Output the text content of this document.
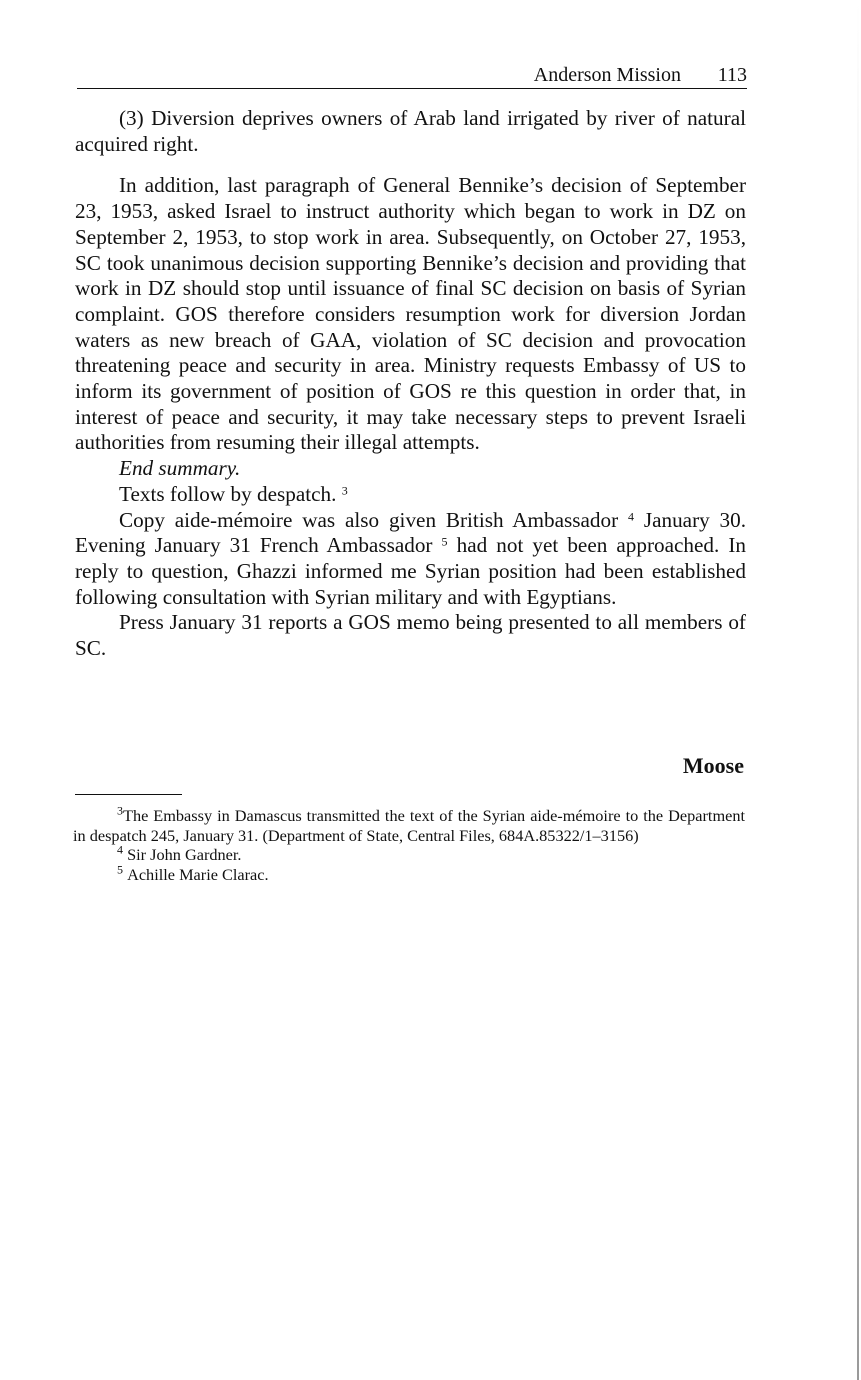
Anderson Mission 113

(3) Diversion deprives owners of Arab land irrigated by river of natural acquired right.

In addition, last paragraph of General Bennike’s decision of September 23, 1953, asked Israel to instruct authority which began to work in DZ on September 2, 1953, to stop work in area. Subsequently, on October 27, 1953, SC took unanimous decision supporting Bennike’s decision and providing that work in DZ should stop until issuance of final SC decision on basis of Syrian complaint. GOS therefore considers resumption work for diversion Jordan waters as new breach of GAA, violation of SC decision and provocation threatening peace and security in area. Ministry requests Embassy of US to inform its government of position of GOS re this question in order that, in interest of peace and security, it may take necessary steps to prevent Israeli authorities from resuming their illegal attempts.

End summary.

Texts follow by despatch. $^3$

Copy aide-mémoire was also given British Ambassador $^4$ January 30. Evening January 31 French Ambassador $^5$ had not yet been approached. In reply to question, Ghazzi informed me Syrian position had been established following consultation with Syrian military and with Egyptians.

Press January 31 reports a GOS memo being presented to all members of SC.

Moose

$^3$The Embassy in Damascus transmitted the text of the Syrian aide-mémoire to the Department in despatch 245, January 31. (Department of State, Central Files, 684A.85322/1–3156)

$^4$ Sir John Gardner.

$^5$ Achille Marie Clarac.
